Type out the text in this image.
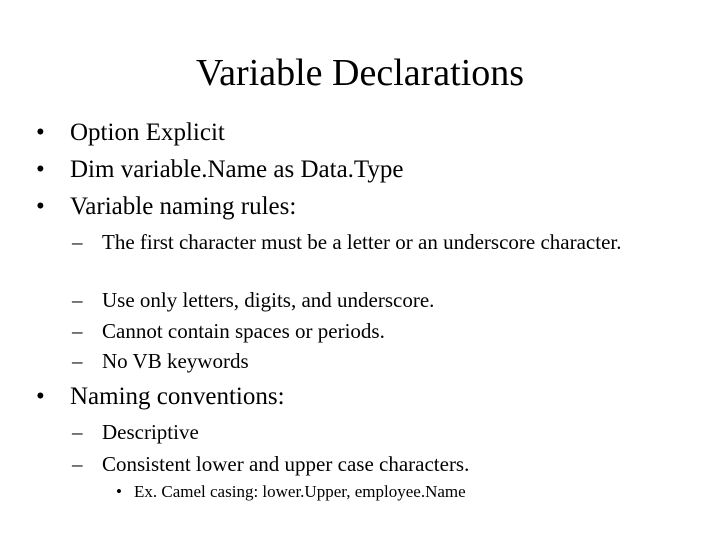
Variable Declarations
• Option Explicit
• Dim variable.Name as Data.Type
• Variable naming rules:
– The first character must be a letter or an underscore character.
– Use only letters, digits, and underscore.
– Cannot contain spaces or periods.
– No VB keywords
• Naming conventions:
– Descriptive
– Consistent lower and upper case characters.
• Ex. Camel casing: lower.Upper, employee.Name
